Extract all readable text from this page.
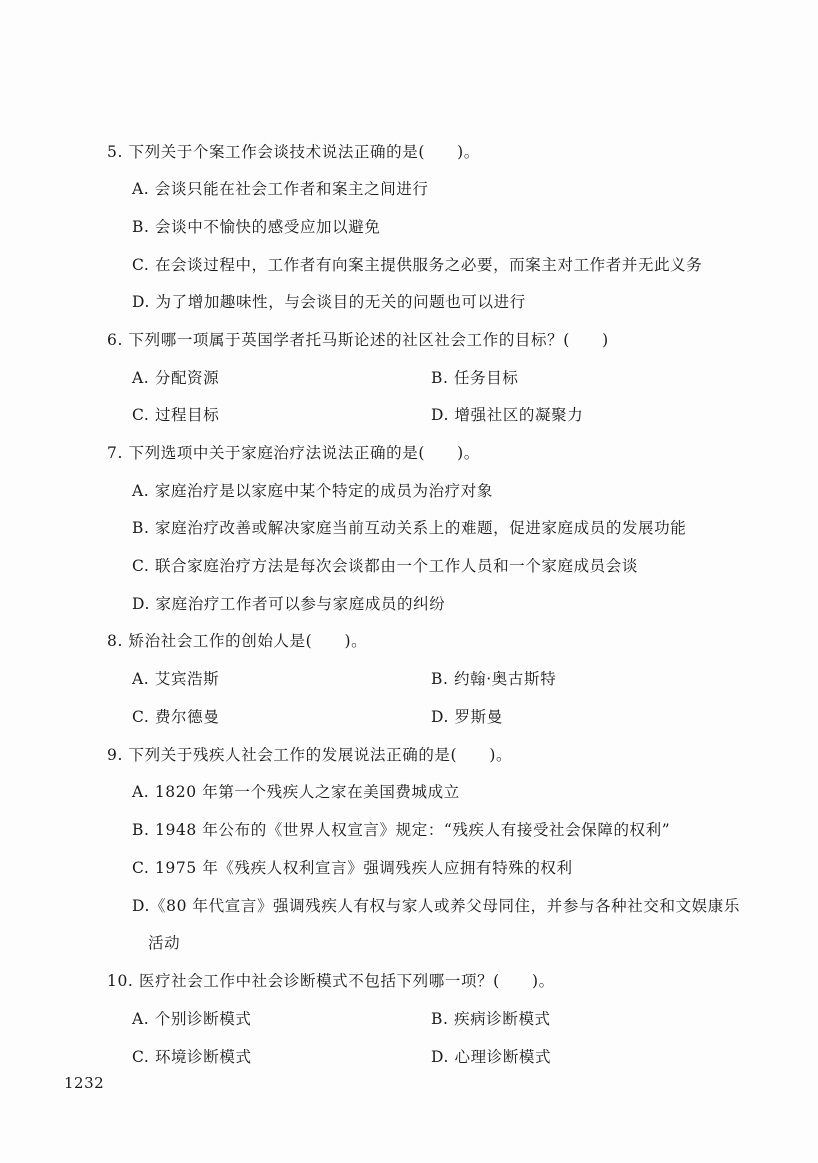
5. 下列关于个案工作会谈技术说法正确的是(　　)。
A. 会谈只能在社会工作者和案主之间进行
B. 会谈中不愉快的感受应加以避免
C. 在会谈过程中，工作者有向案主提供服务之必要，而案主对工作者并无此义务
D. 为了增加趣味性，与会谈目的无关的问题也可以进行
6. 下列哪一项属于英国学者托马斯论述的社区社会工作的目标？(　　)
A. 分配资源	B. 任务目标
C. 过程目标	D. 增强社区的凝聚力
7. 下列选项中关于家庭治疗法说法正确的是(　　)。
A. 家庭治疗是以家庭中某个特定的成员为治疗对象
B. 家庭治疗改善或解决家庭当前互动关系上的难题，促进家庭成员的发展功能
C. 联合家庭治疗方法是每次会谈都由一个工作人员和一个家庭成员会谈
D. 家庭治疗工作者可以参与家庭成员的纠纷
8. 矫治社会工作的创始人是(　　)。
A. 艾宾浩斯	B. 约翰·奥古斯特
C. 费尔德曼	D. 罗斯曼
9. 下列关于残疾人社会工作的发展说法正确的是(　　)。
A. 1820 年第一个残疾人之家在美国费城成立
B. 1948 年公布的《世界人权宣言》规定：“残疾人有接受社会保障的权利”
C. 1975 年《残疾人权利宣言》强调残疾人应拥有特殊的权利
D.《80 年代宣言》强调残疾人有权与家人或养父母同住，并参与各种社交和文娱康乐
活动
10. 医疗社会工作中社会诊断模式不包括下列哪一项？(　　)。
A. 个别诊断模式	B. 疾病诊断模式
C. 环境诊断模式	D. 心理诊断模式
1232
